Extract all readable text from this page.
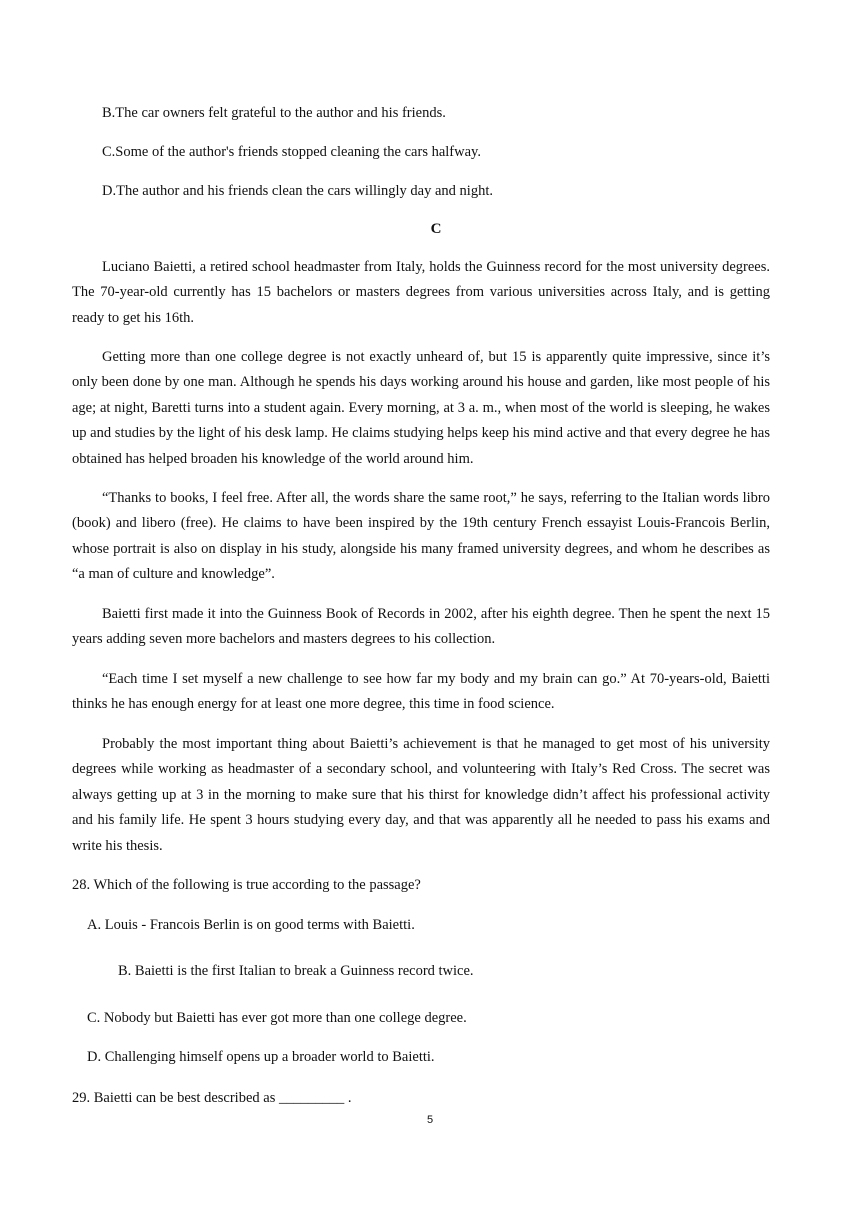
B.The car owners felt grateful to the author and his friends.
C.Some of the author's friends stopped cleaning the cars halfway.
D.The author and his friends clean the cars willingly day and night.
C

Luciano Baietti, a retired school headmaster from Italy, holds the Guinness record for the most university degrees. The 70-year-old currently has 15 bachelors or masters degrees from various universities across Italy, and is getting ready to get his 16th.

Getting more than one college degree is not exactly unheard of, but 15 is apparently quite impressive, since it’s only been done by one man. Although he spends his days working around his house and garden, like most people of his age; at night, Baretti turns into a student again. Every morning, at 3 a. m., when most of the world is sleeping, he wakes up and studies by the light of his desk lamp. He claims studying helps keep his mind active and that every degree he has obtained has helped broaden his knowledge of the world around him.

“Thanks to books, I feel free. After all, the words share the same root,” he says, referring to the Italian words libro (book) and libero (free). He claims to have been inspired by the 19th century French essayist Louis-Francois Berlin, whose portrait is also on display in his study, alongside his many framed university degrees, and whom he describes as “a man of culture and knowledge”.

Baietti first made it into the Guinness Book of Records in 2002, after his eighth degree. Then he spent the next 15 years adding seven more bachelors and masters degrees to his collection.

“Each time I set myself a new challenge to see how far my body and my brain can go.” At 70-years-old, Baietti thinks he has enough energy for at least one more degree, this time in food science.

Probably the most important thing about Baietti’s achievement is that he managed to get most of his university degrees while working as headmaster of a secondary school, and volunteering with Italy’s Red Cross. The secret was always getting up at 3 in the morning to make sure that his thirst for knowledge didn’t affect his professional activity and his family life. He spent 3 hours studying every day, and that was apparently all he needed to pass his exams and write his thesis.

28. Which of the following is true according to the passage?
A. Louis - Francois Berlin is on good terms with Baietti.
B. Baietti is the first Italian to break a Guinness record twice.
C. Nobody but Baietti has ever got more than one college degree.
D. Challenging himself opens up a broader world to Baietti.
29. Baietti can be best described as _________ .
5
